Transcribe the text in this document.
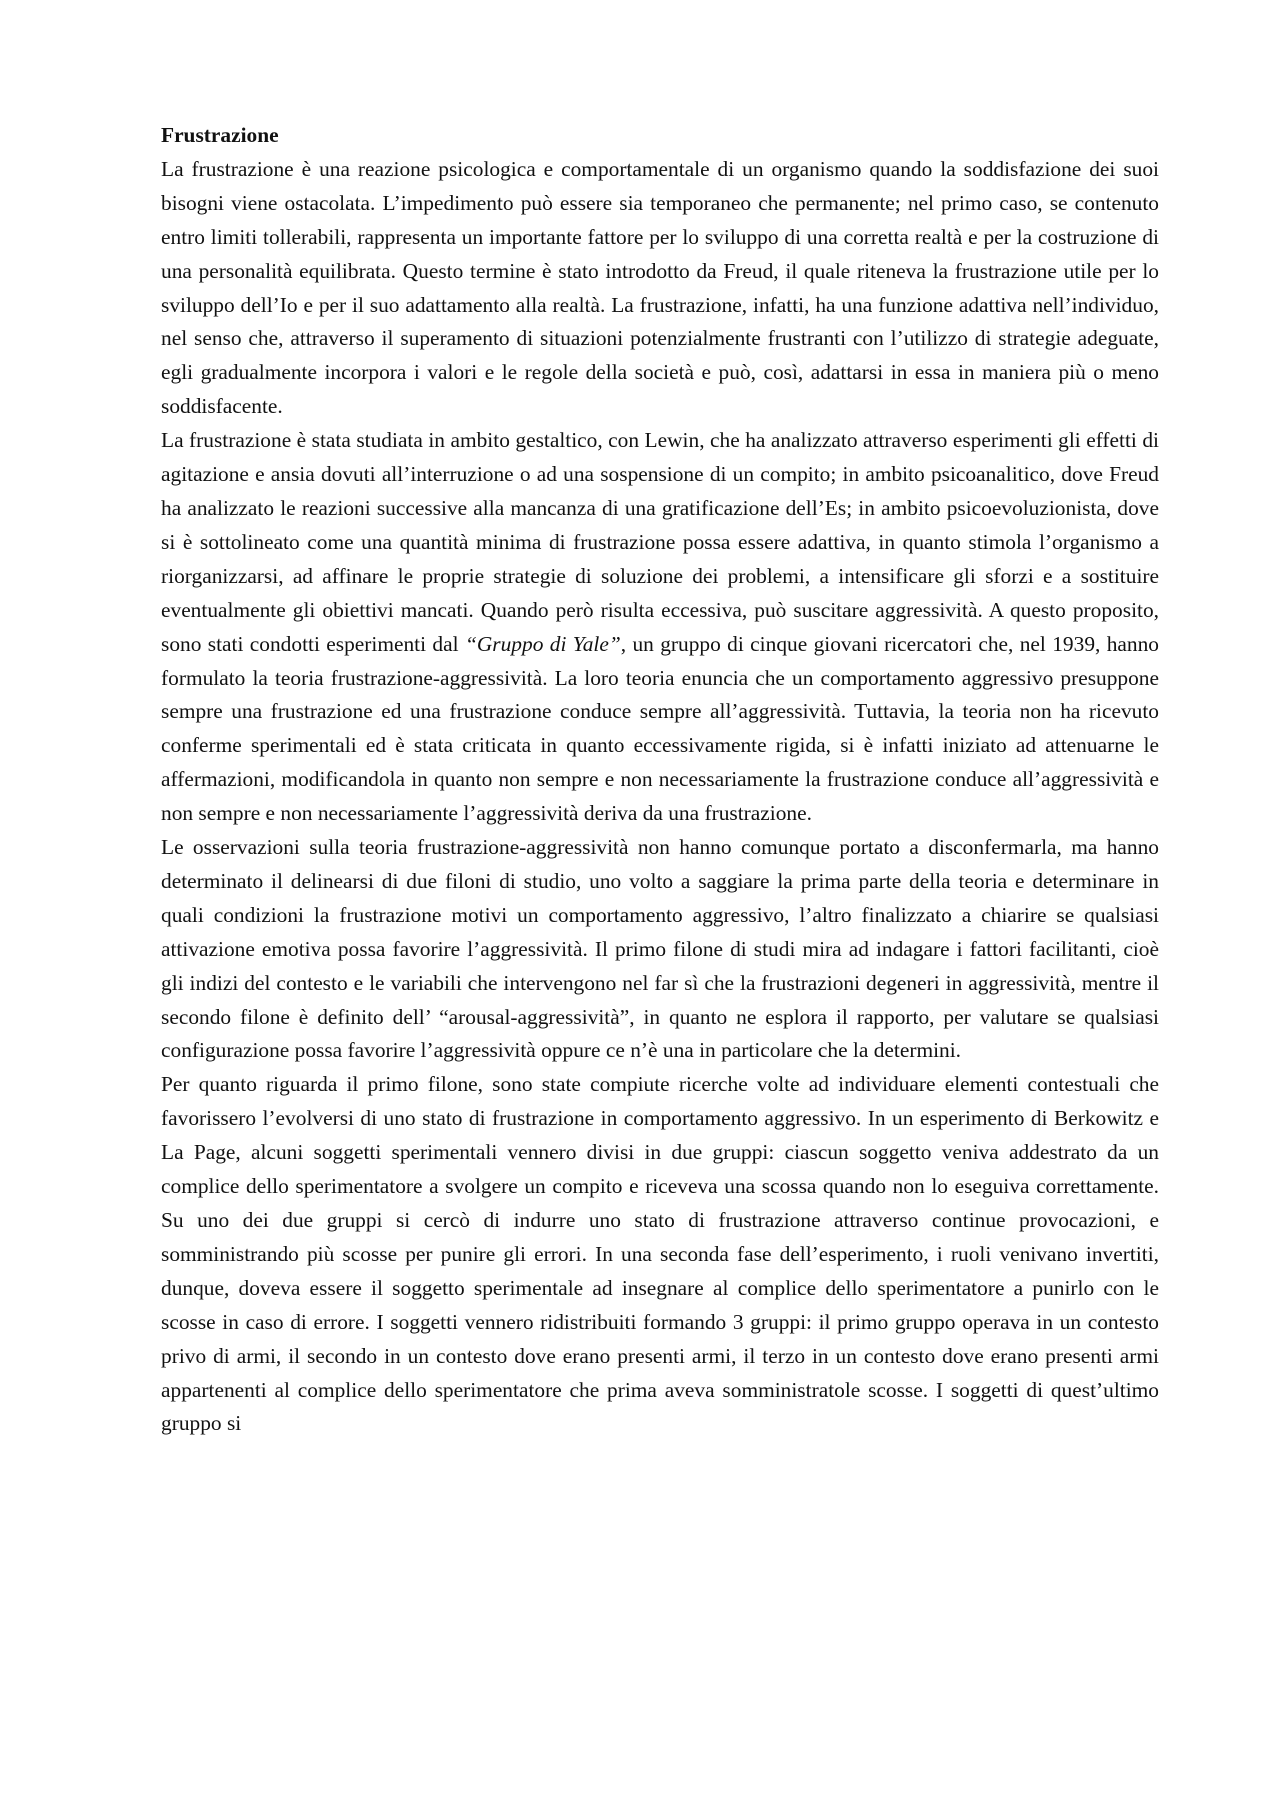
Frustrazione

La frustrazione è una reazione psicologica e comportamentale di un organismo quando la soddisfazione dei suoi bisogni viene ostacolata. L’impedimento può essere sia temporaneo che permanente; nel primo caso, se contenuto entro limiti tollerabili, rappresenta un importante fattore per lo sviluppo di una corretta realtà e per la costruzione di una personalità equilibrata. Questo termine è stato introdotto da Freud, il quale riteneva la frustrazione utile per lo sviluppo dell’Io e per il suo adattamento alla realtà. La frustrazione, infatti, ha una funzione adattiva nell’individuo, nel senso che, attraverso il superamento di situazioni potenzialmente frustranti con l’utilizzo di strategie adeguate, egli gradualmente incorpora i valori e le regole della società e può, così, adattarsi in essa in maniera più o meno soddisfacente.

La frustrazione è stata studiata in ambito gestaltico, con Lewin, che ha analizzato attraverso esperimenti gli effetti di agitazione e ansia dovuti all’interruzione o ad una sospensione di un compito; in ambito psicoanalitico, dove Freud ha analizzato le reazioni successive alla mancanza di una gratificazione dell’Es; in ambito psicoevoluzionista, dove si è sottolineato come una quantità minima di frustrazione possa essere adattiva, in quanto stimola l’organismo a riorganizzarsi, ad affinare le proprie strategie di soluzione dei problemi, a intensificare gli sforzi e a sostituire eventualmente gli obiettivi mancati. Quando però risulta eccessiva, può suscitare aggressività. A questo proposito, sono stati condotti esperimenti dal “Gruppo di Yale”, un gruppo di cinque giovani ricercatori che, nel 1939, hanno formulato la teoria frustrazione-aggressività. La loro teoria enuncia che un comportamento aggressivo presuppone sempre una frustrazione ed una frustrazione conduce sempre all’aggressività. Tuttavia, la teoria non ha ricevuto conferme sperimentali ed è stata criticata in quanto eccessivamente rigida, si è infatti iniziato ad attenuarne le affermazioni, modificandola in quanto non sempre e non necessariamente la frustrazione conduce all’aggressività e non sempre e non necessariamente l’aggressività deriva da una frustrazione.

Le osservazioni sulla teoria frustrazione-aggressività non hanno comunque portato a disconfermarla, ma hanno determinato il delinearsi di due filoni di studio, uno volto a saggiare la prima parte della teoria e determinare in quali condizioni la frustrazione motivi un comportamento aggressivo, l’altro finalizzato a chiarire se qualsiasi attivazione emotiva possa favorire l’aggressività. Il primo filone di studi mira ad indagare i fattori facilitanti, cioè gli indizi del contesto e le variabili che intervengono nel far sì che la frustrazioni degeneri in aggressività, mentre il secondo filone è definito dell’ “arousal-aggressività”, in quanto ne esplora il rapporto, per valutare se qualsiasi configurazione possa favorire l’aggressività oppure ce n’è una in particolare che la determini.

Per quanto riguarda il primo filone, sono state compiute ricerche volte ad individuare elementi contestuali che favorissero l’evolversi di uno stato di frustrazione in comportamento aggressivo. In un esperimento di Berkowitz e La Page, alcuni soggetti sperimentali vennero divisi in due gruppi: ciascun soggetto veniva addestrato da un complice dello sperimentatore a svolgere un compito e riceveva una scossa quando non lo eseguiva correttamente. Su uno dei due gruppi si cercò di indurre uno stato di frustrazione attraverso continue provocazioni, e somministrando più scosse per punire gli errori. In una seconda fase dell’esperimento, i ruoli venivano invertiti, dunque, doveva essere il soggetto sperimentale ad insegnare al complice dello sperimentatore a punirlo con le scosse in caso di errore. I soggetti vennero ridistribuiti formando 3 gruppi: il primo gruppo operava in un contesto privo di armi, il secondo in un contesto dove erano presenti armi, il terzo in un contesto dove erano presenti armi appartenenti al complice dello sperimentatore che prima aveva somministratole scosse. I soggetti di quest’ultimo gruppo si
